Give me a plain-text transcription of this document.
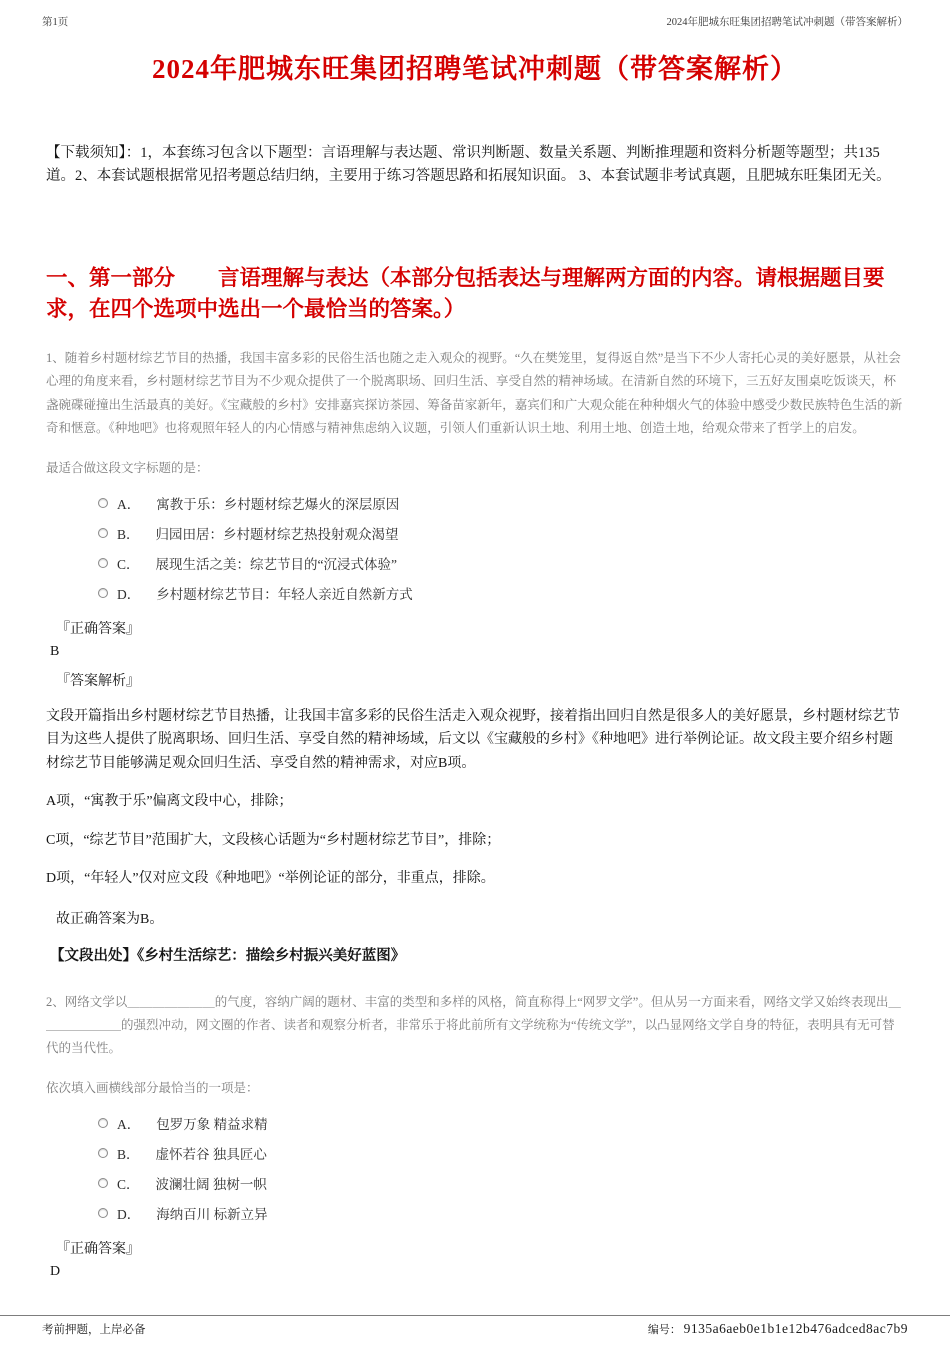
第1页	2024年肥城东旺集团招聘笔试冲刺题（带答案解析）
2024年肥城东旺集团招聘笔试冲刺题（带答案解析）

【下载须知】：1，本套练习包含以下题型：言语理解与表达题、常识判断题、数量关系题、判断推理题和资料分析题等题型；共135道。2、本套试题根据常见招考题总结归纳，主要用于练习答题思路和拓展知识面。 3、本套试题非考试真题，且肥城东旺集团无关。

一、第一部分　　言语理解与表达（本部分包括表达与理解两方面的内容。请根据题目要求，在四个选项中选出一个最恰当的答案。）

1、随着乡村题材综艺节目的热播，我国丰富多彩的民俗生活也随之走入观众的视野。“久在樊笼里，复得返自然”是当下不少人寄托心灵的美好愿景，从社会心理的角度来看，乡村题材综艺节目为不少观众提供了一个脱离职场、回归生活、享受自然的精神场域。在清新自然的环境下，三五好友围桌吃饭谈天，杯盏碗碟碰撞出生活最真的美好。《宝藏般的乡村》安排嘉宾探访茶园、筹备苗家新年，嘉宾们和广大观众能在种种烟火气的体验中感受少数民族特色生活的新奇和惬意。《种地吧》也将观照年轻人的内心情感与精神焦虑纳入议题，引领人们重新认识土地、利用土地、创造土地，给观众带来了哲学上的启发。

最适合做这段文字标题的是：

A． 寓教于乐：乡村题材综艺爆火的深层原因
B． 归园田居：乡村题材综艺热投射观众渴望
C． 展现生活之美：综艺节目的“沉浸式体验”
D． 乡村题材综艺节目：年轻人亲近自然新方式
『正确答案』
B
『答案解析』

文段开篇指出乡村题材综艺节目热播，让我国丰富多彩的民俗生活走入观众视野，接着指出回归自然是很多人的美好愿景，乡村题材综艺节目为这些人提供了脱离职场、回归生活、享受自然的精神场域，后文以《宝藏般的乡村》《种地吧》进行举例论证。故文段主要介绍乡村题材综艺节目能够满足观众回归生活、享受自然的精神需求，对应B项。

A项，“寓教于乐”偏离文段中心，排除；

C项，“综艺节目”范围扩大，文段核心话题为“乡村题材综艺节目”，排除；

D项，“年轻人”仅对应文段《种地吧》“举例论证的部分，非重点，排除。

故正确答案为B。

【文段出处】《乡村生活综艺：描绘乡村振兴美好蓝图》

2、网络文学以＿＿＿＿＿＿＿的气度，容纳广阔的题材、丰富的类型和多样的风格，简直称得上“网罗文学”。但从另一方面来看，网络文学又始终表现出＿＿＿＿＿＿＿的强烈冲动，网文圈的作者、读者和观察分析者，非常乐于将此前所有文学统称为“传统文学”，以凸显网络文学自身的特征，表明具有无可替代的当代性。

依次填入画横线部分最恰当的一项是：

A． 包罗万象 精益求精
B． 虚怀若谷 独具匠心
C． 波澜壮阔 独树一帜
D． 海纳百川 标新立异
『正确答案』
D
考前押题，上岸必备	编号： 9135a6aeb0e1b1e12b476adced8ac7b9
